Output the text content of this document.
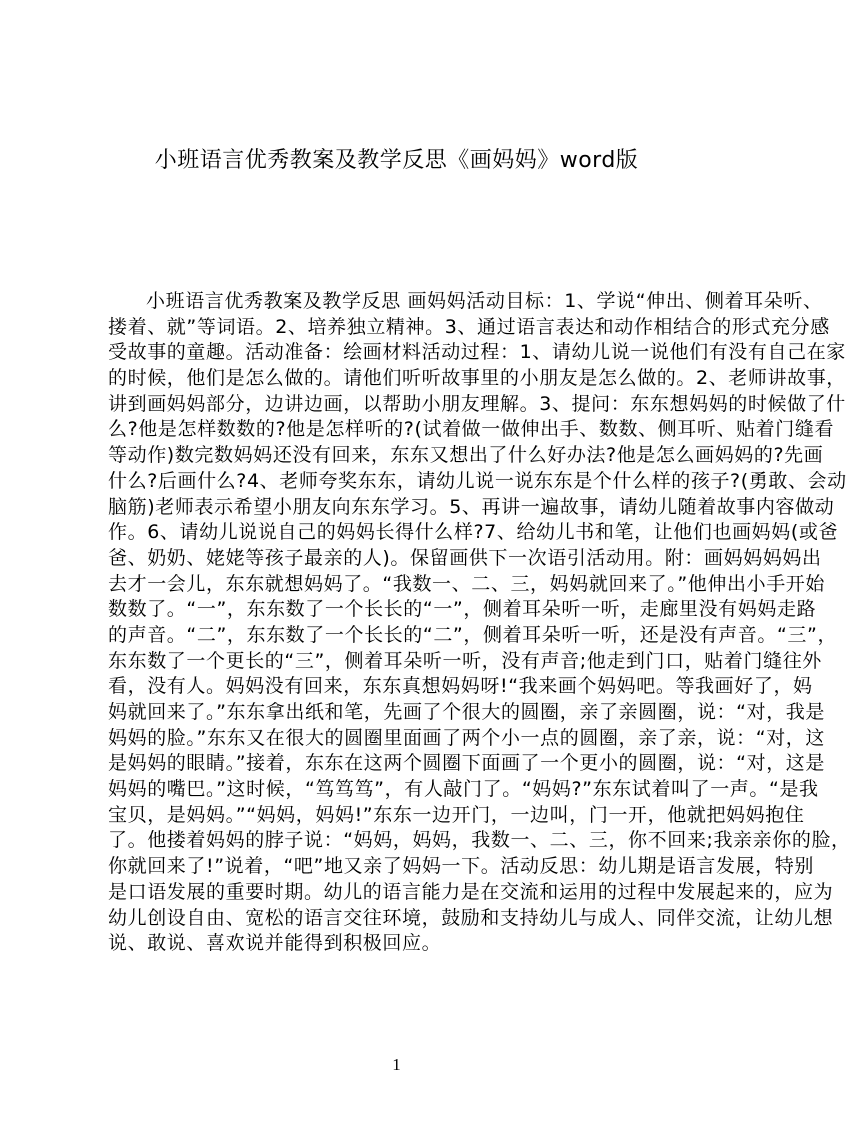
小班语言优秀教案及教学反思《画妈妈》word版
小班语言优秀教案及教学反思 画妈妈活动目标：1、学说“伸出、侧着耳朵听、
搂着、就”等词语。2、培养独立精神。3、通过语言表达和动作相结合的形式充分感
受故事的童趣。活动准备：绘画材料活动过程：1、请幼儿说一说他们有没有自己在家
的时候，他们是怎么做的。请他们听听故事里的小朋友是怎么做的。2、老师讲故事，
讲到画妈妈部分，边讲边画，以帮助小朋友理解。3、提问：东东想妈妈的时候做了什
么?他是怎样数数的?他是怎样听的?(试着做一做伸出手、数数、侧耳听、贴着门缝看
等动作)数完数妈妈还没有回来，东东又想出了什么好办法?他是怎么画妈妈的?先画
什么?后画什么?4、老师夸奖东东，请幼儿说一说东东是个什么样的孩子?(勇敢、会动
脑筋)老师表示希望小朋友向东东学习。5、再讲一遍故事，请幼儿随着故事内容做动
作。6、请幼儿说说自己的妈妈长得什么样?7、给幼儿书和笔，让他们也画妈妈(或爸
爸、奶奶、姥姥等孩子最亲的人)。保留画供下一次语引活动用。附：画妈妈妈妈出
去才一会儿，东东就想妈妈了。“我数一、二、三，妈妈就回来了。”他伸出小手开始
数数了。“一”，东东数了一个长长的“一”，侧着耳朵听一听，走廊里没有妈妈走路
的声音。“二”，东东数了一个长长的“二”，侧着耳朵听一听，还是没有声音。“三”，
东东数了一个更长的“三”，侧着耳朵听一听，没有声音;他走到门口，贴着门缝往外
看，没有人。妈妈没有回来，东东真想妈妈呀!“我来画个妈妈吧。等我画好了，妈
妈就回来了。”东东拿出纸和笔，先画了个很大的圆圈，亲了亲圆圈，说：“对，我是
妈妈的脸。”东东又在很大的圆圈里面画了两个小一点的圆圈，亲了亲，说：“对，这
是妈妈的眼睛。”接着，东东在这两个圆圈下面画了一个更小的圆圈，说：“对，这是
妈妈的嘴巴。”这时候，“笃笃笃”，有人敲门了。“妈妈?”东东试着叫了一声。“是我
宝贝，是妈妈。”“妈妈，妈妈!”东东一边开门，一边叫，门一开，他就把妈妈抱住
了。他搂着妈妈的脖子说：“妈妈，妈妈，我数一、二、三，你不回来;我亲亲你的脸，
你就回来了!”说着，“吧”地又亲了妈妈一下。活动反思：幼儿期是语言发展，特别
是口语发展的重要时期。幼儿的语言能力是在交流和运用的过程中发展起来的，应为
幼儿创设自由、宽松的语言交往环境，鼓励和支持幼儿与成人、同伴交流，让幼儿想
说、敢说、喜欢说并能得到积极回应。
1
